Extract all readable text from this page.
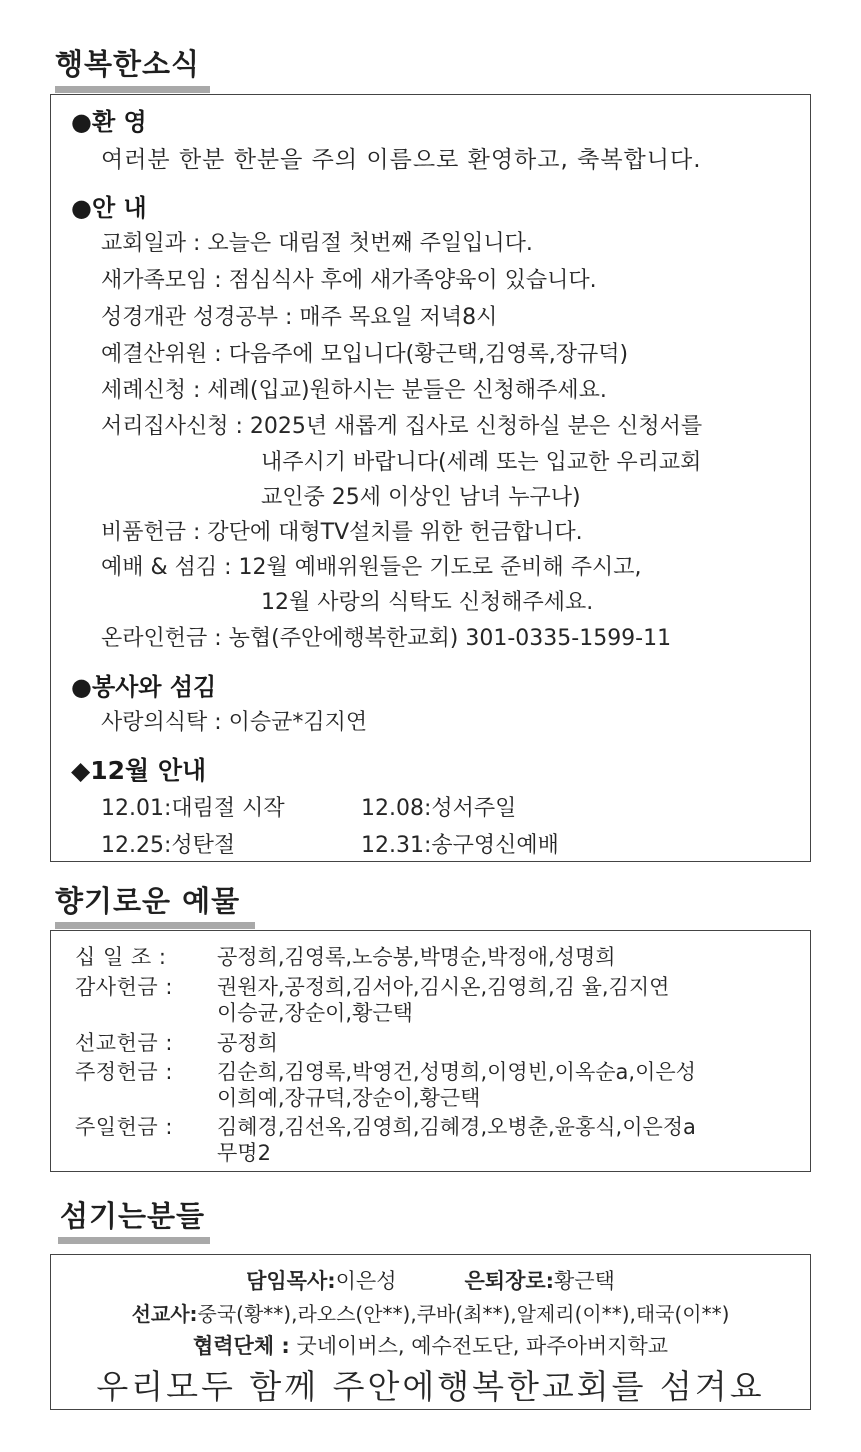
행복한소식
●환 영
여러분 한분 한분을 주의 이름으로 환영하고, 축복합니다.
●안 내
교회일과 : 오늘은 대림절 첫번째 주일입니다.
새가족모임 : 점심식사 후에 새가족양육이 있습니다.
성경개관 성경공부 : 매주 목요일 저녁8시
예결산위원 : 다음주에 모입니다(황근택,김영록,장규덕)
세례신청 : 세례(입교)원하시는 분들은 신청해주세요.
서리집사신청 : 2025년 새롭게 집사로 신청하실 분은 신청서를
내주시기 바랍니다(세례 또는 입교한 우리교회
교인중 25세 이상인 남녀 누구나)
비품헌금 : 강단에 대형TV설치를 위한 헌금합니다.
예배 & 섬김 : 12월 예배위원들은 기도로 준비해 주시고,
12월 사랑의 식탁도 신청해주세요.
온라인헌금 : 농협(주안에행복한교회) 301-0335-1599-11
●봉사와 섬김
사랑의식탁 : 이승균*김지연
◆12월 안내
12.01:대림절 시작	12.08:성서주일
12.25:성탄절	12.31:송구영신예배
향기로운 예물
십 일 조 :	공정희,김영록,노승봉,박명순,박정애,성명희
감사헌금 :	권원자,공정희,김서아,김시온,김영희,김 율,김지연
이승균,장순이,황근택
선교헌금 :	공정희
주정헌금 :	김순희,김영록,박영건,성명희,이영빈,이옥순a,이은성
이희예,장규덕,장순이,황근택
주일헌금 :	김혜경,김선옥,김영희,김혜경,오병춘,윤홍식,이은정a
무명2
섬기는분들
담임목사:이은성	은퇴장로:황근택
선교사:중국(황**),라오스(안**),쿠바(최**),알제리(이**),태국(이**)
협력단체 : 굿네이버스, 예수전도단, 파주아버지학교
우리모두 함께 주안에행복한교회를 섬겨요
